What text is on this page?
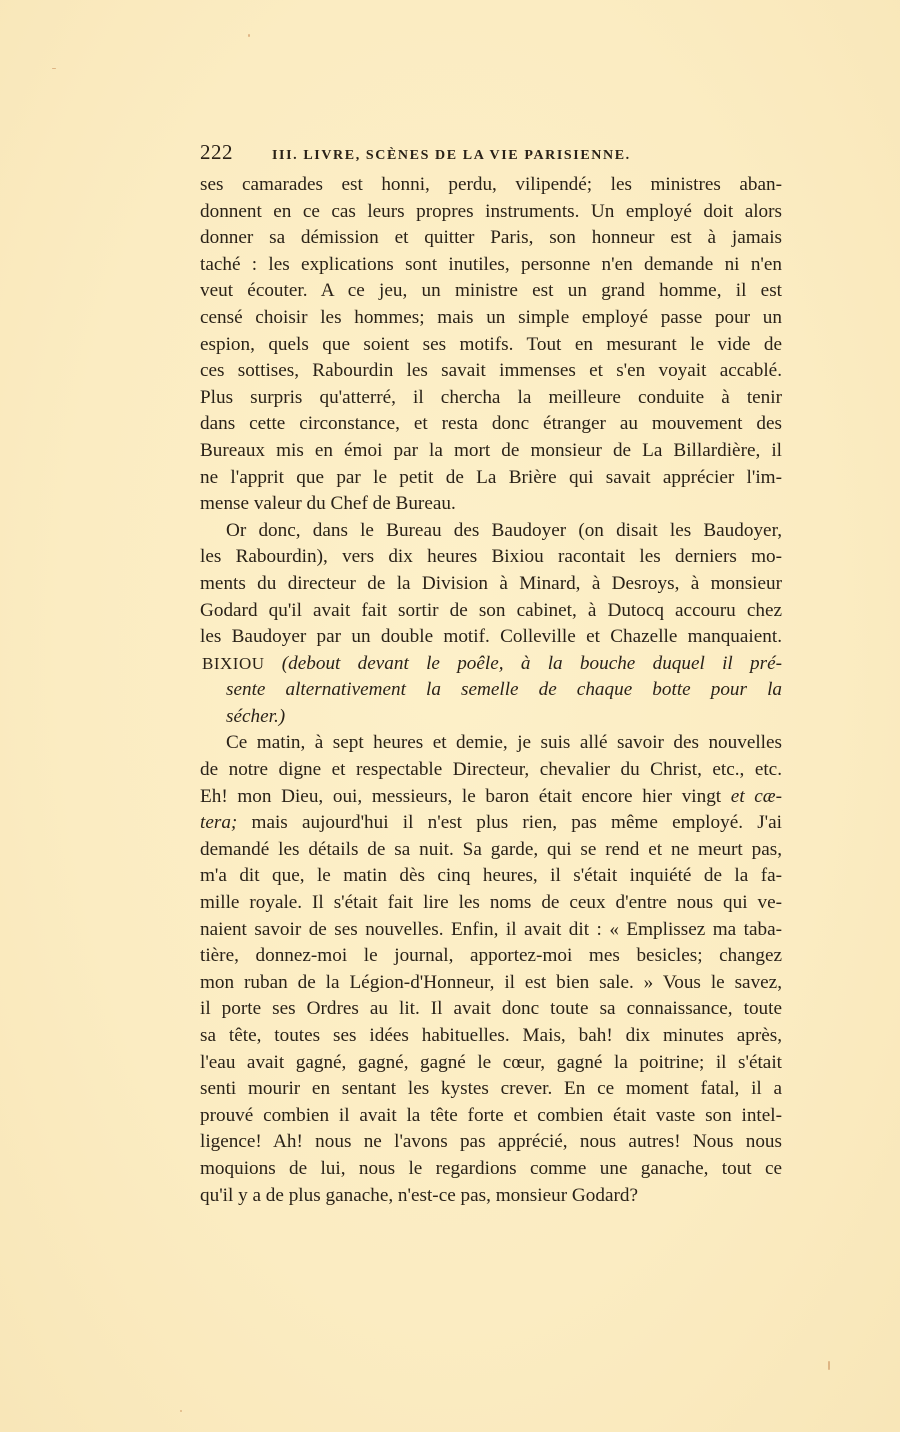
222	III. LIVRE, SCÈNES DE LA VIE PARISIENNE.
ses camarades est honni, perdu, vilipendé; les ministres aban-
donnent en ce cas leurs propres instruments. Un employé doit alors
donner sa démission et quitter Paris, son honneur est à jamais
taché : les explications sont inutiles, personne n'en demande ni n'en
veut écouter. A ce jeu, un ministre est un grand homme, il est
censé choisir les hommes; mais un simple employé passe pour un
espion, quels que soient ses motifs. Tout en mesurant le vide de
ces sottises, Rabourdin les savait immenses et s'en voyait accablé.
Plus surpris qu'atterré, il chercha la meilleure conduite à tenir
dans cette circonstance, et resta donc étranger au mouvement des
Bureaux mis en émoi par la mort de monsieur de La Billardière, il
ne l'apprit que par le petit de La Brière qui savait apprécier l'im-
mense valeur du Chef de Bureau.
Or donc, dans le Bureau des Baudoyer (on disait les Baudoyer,
les Rabourdin), vers dix heures Bixiou racontait les derniers mo-
ments du directeur de la Division à Minard, à Desroys, à monsieur
Godard qu'il avait fait sortir de son cabinet, à Dutocq accouru chez
les Baudoyer par un double motif. Colleville et Chazelle manquaient.
BIXIOU (debout devant le poêle, à la bouche duquel il pré-
sente alternativement la semelle de chaque botte pour la
sécher.)
Ce matin, à sept heures et demie, je suis allé savoir des nouvelles
de notre digne et respectable Directeur, chevalier du Christ, etc., etc.
Eh! mon Dieu, oui, messieurs, le baron était encore hier vingt et cæ-
tera; mais aujourd'hui il n'est plus rien, pas même employé. J'ai
demandé les détails de sa nuit. Sa garde, qui se rend et ne meurt pas,
m'a dit que, le matin dès cinq heures, il s'était inquiété de la fa-
mille royale. Il s'était fait lire les noms de ceux d'entre nous qui ve-
naient savoir de ses nouvelles. Enfin, il avait dit : « Emplissez ma taba-
tière, donnez-moi le journal, apportez-moi mes besicles; changez
mon ruban de la Légion-d'Honneur, il est bien sale. » Vous le savez,
il porte ses Ordres au lit. Il avait donc toute sa connaissance, toute
sa tête, toutes ses idées habituelles. Mais, bah! dix minutes après,
l'eau avait gagné, gagné, gagné le cœur, gagné la poitrine; il s'était
senti mourir en sentant les kystes crever. En ce moment fatal, il a
prouvé combien il avait la tête forte et combien était vaste son intel-
ligence! Ah! nous ne l'avons pas apprécié, nous autres! Nous nous
moquions de lui, nous le regardions comme une ganache, tout ce
qu'il y a de plus ganache, n'est-ce pas, monsieur Godard?
